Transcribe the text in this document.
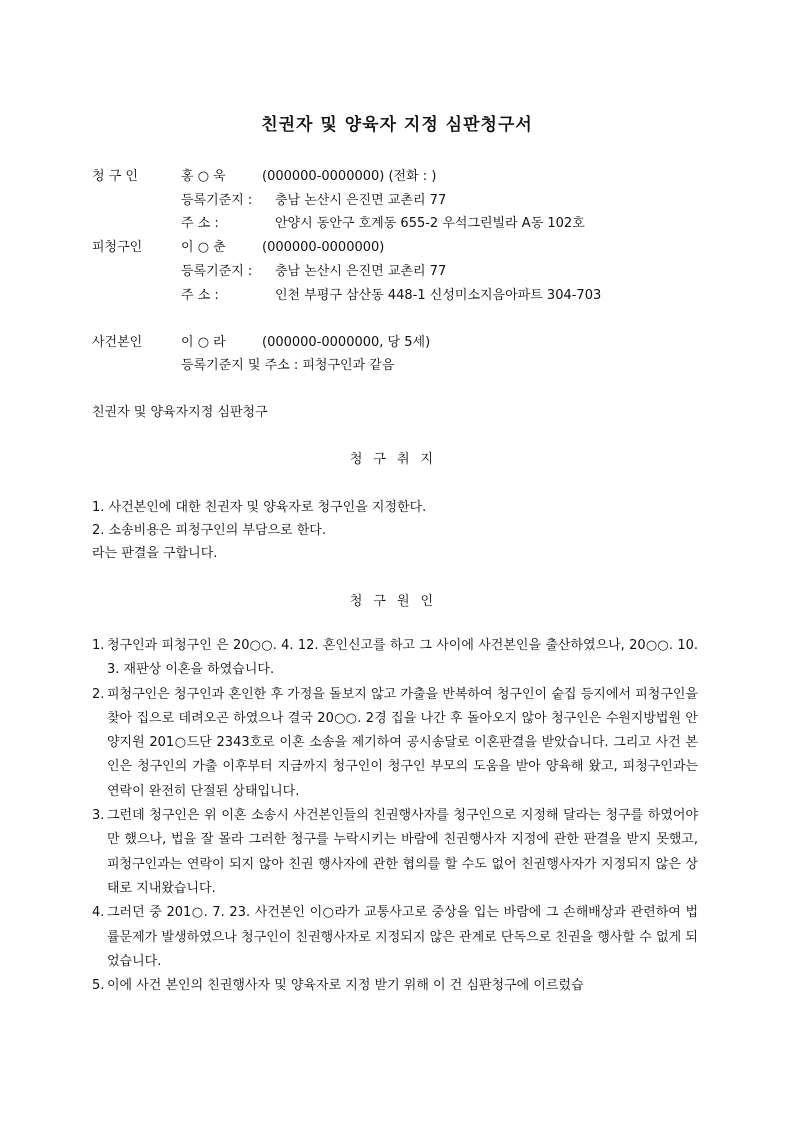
친권자 및 양육자 지정 심판청구서
청 구 인	홍 ○ 욱	(000000-0000000) (전화 : )
등록기준지 : 충남 논산시 은진면 교촌리 77
주 소 :	안양시 동안구 호계동 655-2 우석그린빌라 A동 102호
피청구인	이 ○ 춘	(000000-0000000)
등록기준지 : 충남 논산시 은진면 교촌리 77
주 소 :	인천 부평구 삼산동 448-1 신성미소지음아파트 304-703
사건본인	이 ○ 라	(000000-0000000, 당 5세)
등록기준지 및 주소 : 피청구인과 같음
친권자 및 양육자지정 심판청구
청구취지
1. 사건본인에 대한 친권자 및 양육자로 청구인을 지정한다.
2. 소송비용은 피청구인의 부담으로 한다.
라는 판결을 구합니다.
청구원인
1. 청구인과 피청구인 은 20○○. 4. 12. 혼인신고를 하고 그 사이에 사건본인을 출산하였으나, 20○○. 10. 3. 재판상 이혼을 하였습니다.
2. 피청구인은 청구인과 혼인한 후 가정을 돌보지 않고 가출을 반복하여 청구인이 숱집 등지에서 피청구인을 찾아 집으로 데려오곤 하였으나 결국 20○○. 2경 집을 나간 후 돌아오지 않아 청구인은 수원지방법원 안양지원 201○드단 2343호로 이혼 소송을 제기하여 공시송달로 이혼판결을 받았습니다. 그리고 사건 본인은 청구인의 가출 이후부터 지금까지 청구인이 청구인 부모의 도움을 받아 양육해 왔고, 피청구인과는 연락이 완전히 단절된 상태입니다.
3. 그런데 청구인은 위 이혼 소송시 사건본인들의 친권행사자를 청구인으로 지정해 달라는 청구를 하였어야만 했으나, 법을 잘 몰라 그러한 청구를 누락시키는 바람에 친권행사자 지정에 관한 판결을 받지 못했고, 피청구인과는 연락이 되지 않아 친권 행사자에 관한 협의를 할 수도 없어 친권행사자가 지정되지 않은 상태로 지내왔습니다.
4. 그러던 중 201○. 7. 23. 사건본인 이○라가 교통사고로 중상을 입는 바람에 그 손해배상과 관련하여 법률문제가 발생하였으나 청구인이 친권행사자로 지정되지 않은 관계로 단독으로 친권을 행사할 수 없게 되었습니다.
5. 이에 사건 본인의 친권행사자 및 양육자로 지정 받기 위해 이 건 심판청구에 이르렀습
